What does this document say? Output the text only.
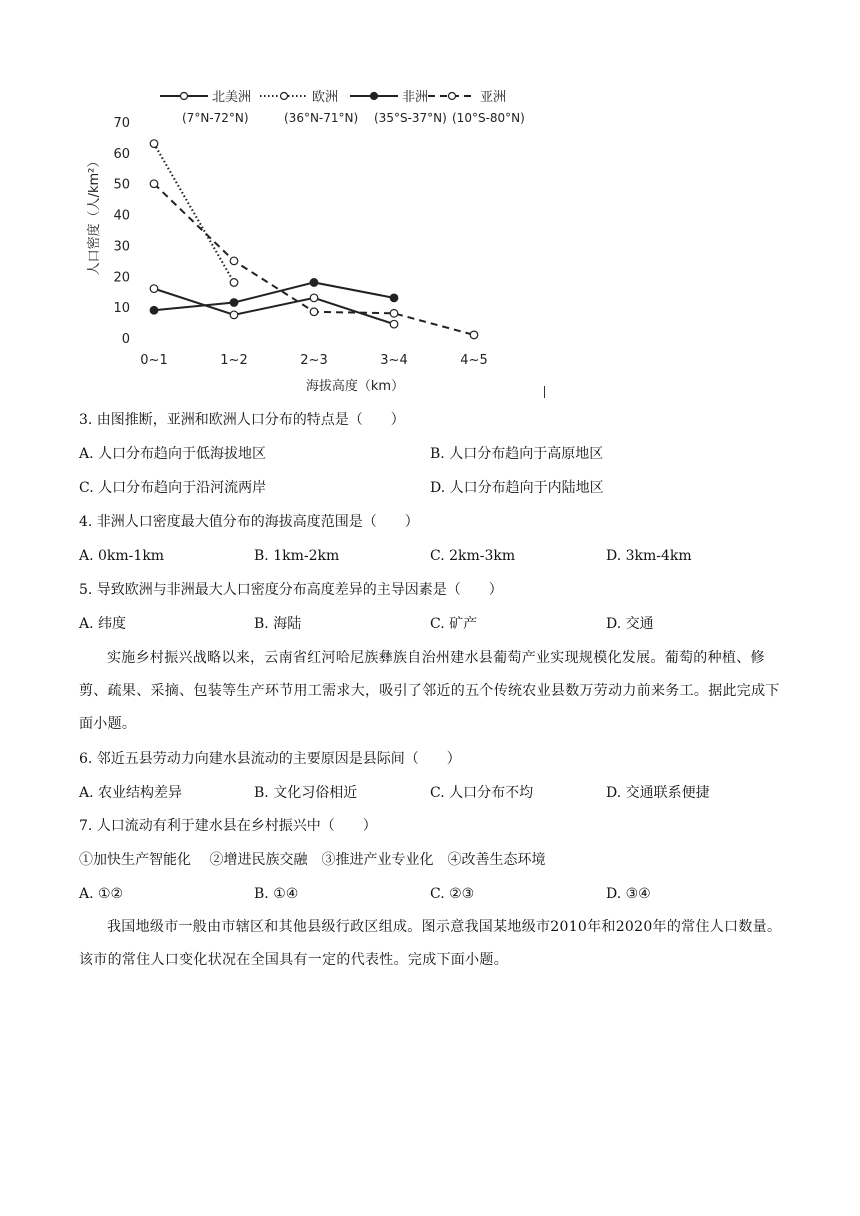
北美洲
(7°N-72°N)
欧洲
(36°N-71°N)
非洲
(35°S-37°N)
亚洲
(10°S-80°N)
0
10
20
30
40
50
60
70
0~1	1~2	2~3	3~4	4~5
人口密度（人/km²）
海拔高度（km）
3. 由图推断，亚洲和欧洲人口分布的特点是（　　）
A. 人口分布趋向于低海拔地区	B. 人口分布趋向于高原地区
C. 人口分布趋向于沿河流两岸	D. 人口分布趋向于内陆地区
4. 非洲人口密度最大值分布的海拔高度范围是（　　）
A. 0km-1km	B. 1km-2km	C. 2km-3km	D. 3km-4km
5. 导致欧洲与非洲最大人口密度分布高度差异的主导因素是（　　）
A. 纬度	B. 海陆	C. 矿产	D. 交通
实施乡村振兴战略以来，云南省红河哈尼族彝族自治州建水县葡萄产业实现规模化发展。葡萄的种植、修剪、疏果、采摘、包装等生产环节用工需求大，吸引了邻近的五个传统农业县数万劳动力前来务工。据此完成下面小题。
6. 邻近五县劳动力向建水县流动的主要原因是县际间（　　）
A. 农业结构差异	B. 文化习俗相近	C. 人口分布不均	D. 交通联系便捷
7. 人口流动有利于建水县在乡村振兴中（　　）
①加快生产智能化　 ②增进民族交融　③推进产业专业化　④改善生态环境
A. ①②	B. ①④	C. ②③	D. ③④
我国地级市一般由市辖区和其他县级行政区组成。图示意我国某地级市2010年和2020年的常住人口数量。该市的常住人口变化状况在全国具有一定的代表性。完成下面小题。
